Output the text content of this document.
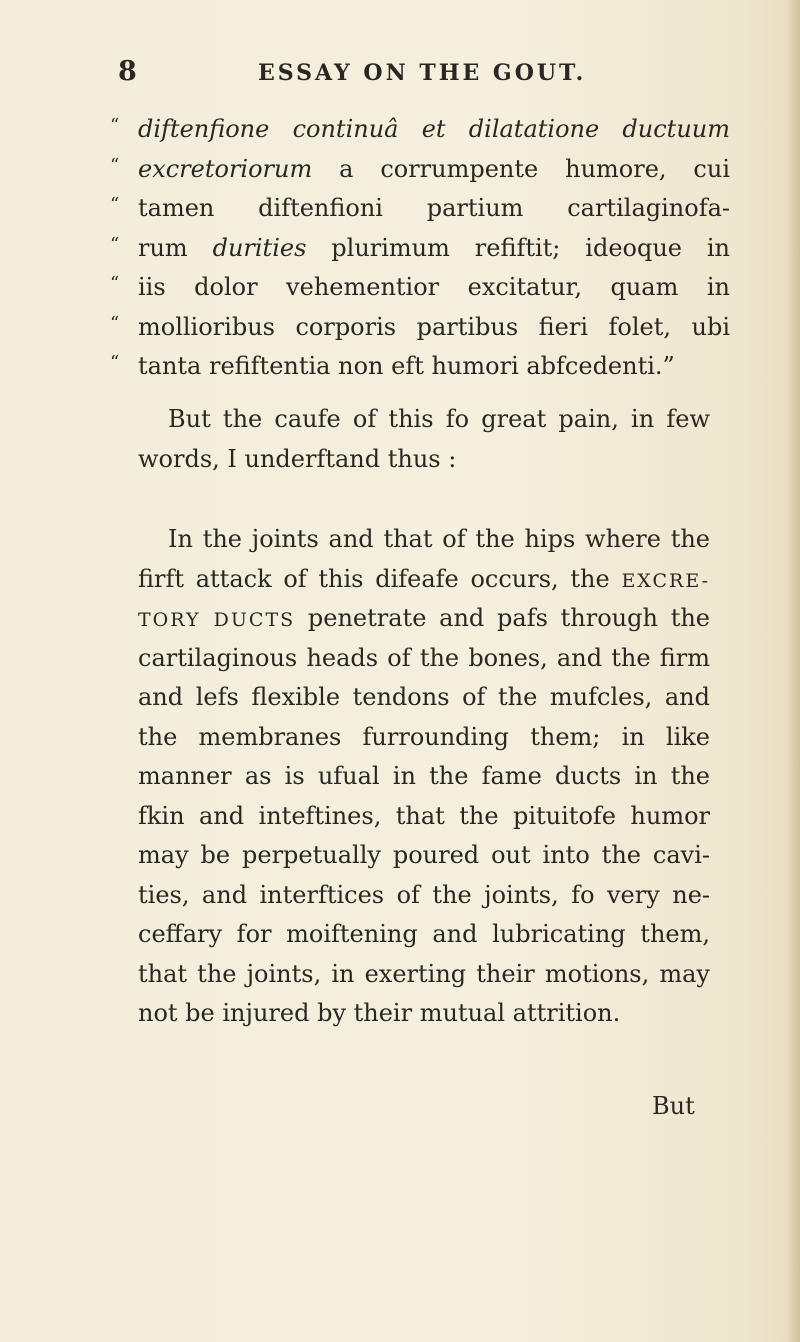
8	ESSAY ON THE GOUT.
“ diftenfione continuâ et dilatatione ductuum
“ excretoriorum a corrumpente humore, cui
“ tamen diftenfioni partium cartilaginofa-
“ rum durities plurimum refiftit; ideoque in
“ iis dolor vehementior excitatur, quam in
“ mollioribus corporis partibus fieri folet, ubi
“ tanta refiftentia non eft humori abfcedenti.”
But the caufe of this fo great pain, in few
words, I underftand thus :
In the joints and that of the hips where the
firft attack of this difeafe occurs, the EXCRE-
TORY DUCTS penetrate and pafs through the
cartilaginous heads of the bones, and the firm
and lefs flexible tendons of the mufcles, and
the membranes furrounding them; in like
manner as is ufual in the fame ducts in the
fkin and inteftines, that the pituitofe humor
may be perpetually poured out into the cavi-
ties, and interftices of the joints, fo very ne-
ceffary for moiftening and lubricating them,
that the joints, in exerting their motions, may
not be injured by their mutual attrition.
But
